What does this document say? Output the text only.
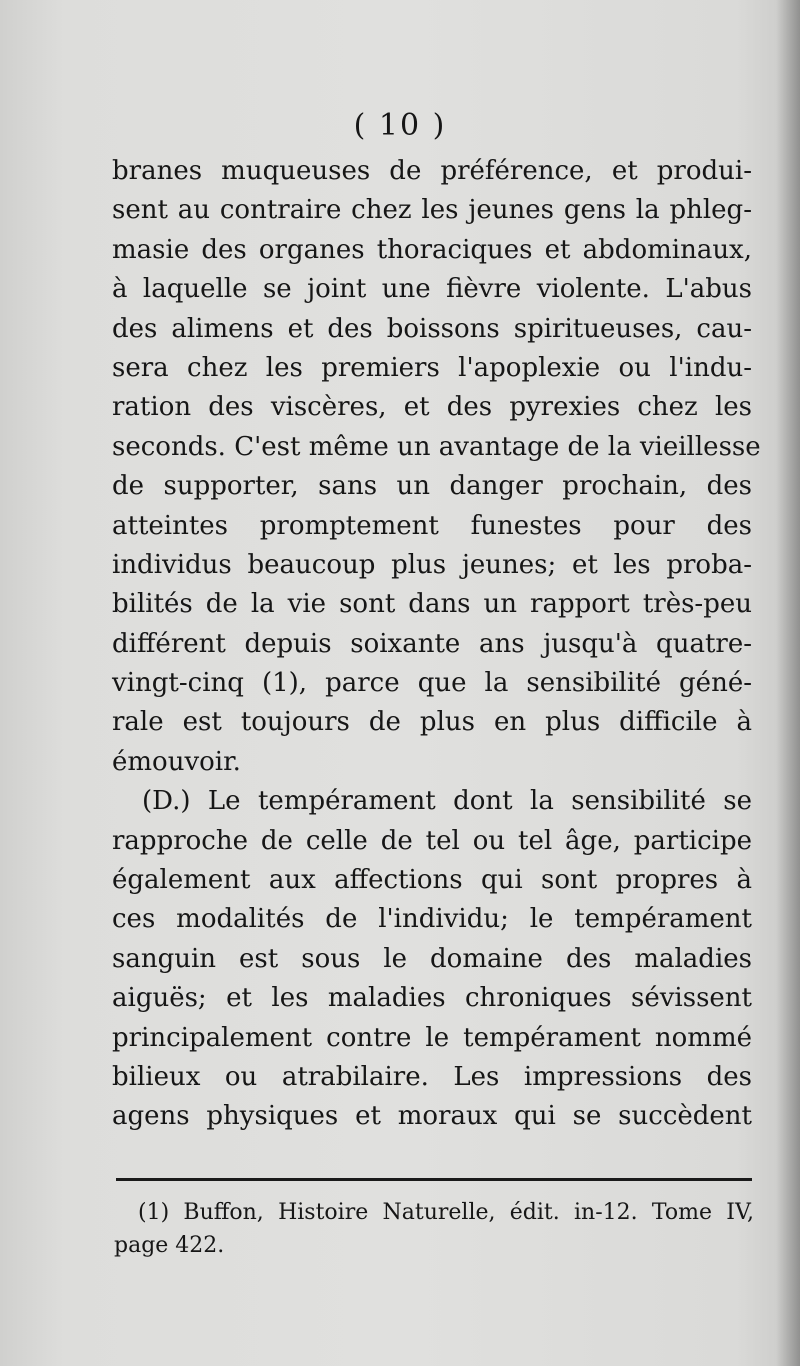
( 10 )
branes muqueuses de préférence, et produi-
sent au contraire chez les jeunes gens la phleg-
masie des organes thoraciques et abdominaux,
à laquelle se joint une fièvre violente. L'abus
des alimens et des boissons spiritueuses, cau-
sera chez les premiers l'apoplexie ou l'indu-
ration des viscères, et des pyrexies chez les
seconds. C'est même un avantage de la vieillesse
de supporter, sans un danger prochain, des
atteintes promptement funestes pour des
individus beaucoup plus jeunes; et les proba-
bilités de la vie sont dans un rapport très-peu
différent depuis soixante ans jusqu'à quatre-
vingt-cinq (1), parce que la sensibilité géné-
rale est toujours de plus en plus difficile à
émouvoir.
(D.) Le tempérament dont la sensibilité se
rapproche de celle de tel ou tel âge, participe
également aux affections qui sont propres à
ces modalités de l'individu; le tempérament
sanguin est sous le domaine des maladies
aiguës; et les maladies chroniques sévissent
principalement contre le tempérament nommé
bilieux ou atrabilaire. Les impressions des
agens physiques et moraux qui se succèdent
(1) Buffon, Histoire Naturelle, édit. in-12. Tome IV,
page 422.
